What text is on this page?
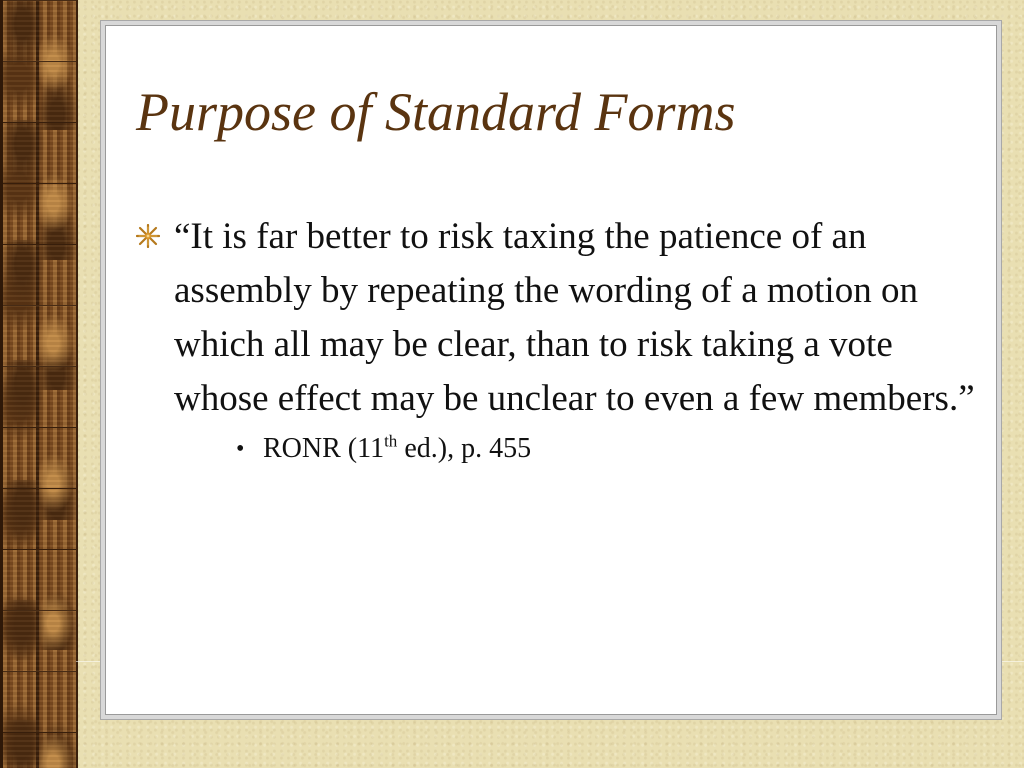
Purpose of Standard Forms
“It is far better to risk taxing the patience of an assembly by repeating the wording of a motion on which all may be clear, than to risk taking a vote whose effect may be unclear to even a few members.”
• RONR (11th ed.), p. 455
